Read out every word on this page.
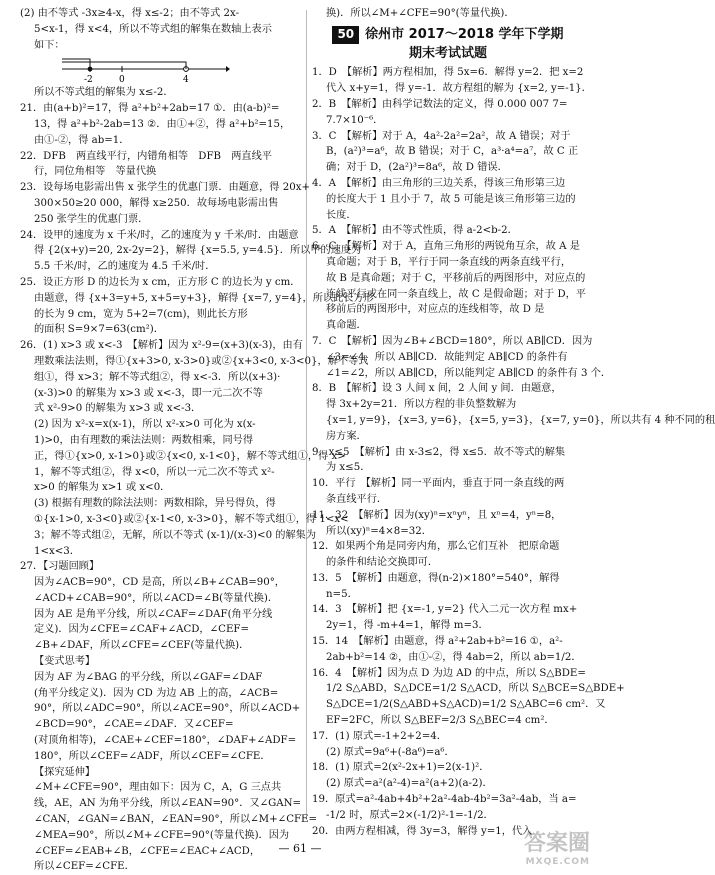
(2) 由不等式 -3x≥4-x，得 x≤-2；由不等式 2x-
5<x-1，得 x<4，所以不等式组的解集在数轴上表示
如下：
-2	0	4
所以不等式组的解集为 x≤-2．
21．由(a+b)²=17，得 a²+b²+2ab=17 ①．由(a-b)²=
13，得 a²+b²-2ab=13 ②．由①+②，得 a²+b²=15，
由①-②，得 ab=1．
22．DFB　两直线平行，内错角相等　DFB　两直线平
行，同位角相等　等量代换
23．设每场电影需出售 x 张学生的优惠门票．由题意，得 20x+
300×50≥20 000，解得 x≥250．故每场电影需出售
250 张学生的优惠门票．
24．设甲的速度为 x 千米/时，乙的速度为 y 千米/时．由题意
得 {2(x+y)=20, 2x-2y=2}，解得 {x=5.5, y=4.5}．所以甲的速度为
5.5 千米/时，乙的速度为 4.5 千米/时．
25．设正方形 D 的边长为 x cm，正方形 C 的边长为 y cm．
由题意，得 {x+3=y+5, x+5=y+3}，解得 {x=7, y=4}，所以此长方形
的长为 9 cm，宽为 5+2=7(cm)，则此长方形
的面积 S=9×7=63(cm²)．
26．(1) x>3 或 x<-3　【解析】因为 x²-9=(x+3)(x-3)，由有
理数乘法法则，得①{x+3>0, x-3>0}或②{x+3<0, x-3<0}，解不等式
组①，得 x>3；解不等式组②，得 x<-3．所以(x+3)·
(x-3)>0 的解集为 x>3 或 x<-3，即一元二次不等
式 x²-9>0 的解集为 x>3 或 x<-3．
(2) 因为 x²-x=x(x-1)，所以 x²-x>0 可化为 x(x-
1)>0，由有理数的乘法法则：两数相乘，同号得
正，得①{x>0, x-1>0}或②{x<0, x-1<0}，解不等式组①，得 x>
1，解不等式组②，得 x<0，所以一元二次不等式 x²-
x>0 的解集为 x>1 或 x<0．
(3) 根据有理数的除法法则：两数相除，异号得负，得
①{x-1>0, x-3<0}或②{x-1<0, x-3>0}，解不等式组①，得 1<x<
3；解不等式组②，无解，所以不等式 (x-1)/(x-3)<0 的解集为
1<x<3．
27．【习题回顾】
因为∠ACB=90°，CD 是高，所以∠B+∠CAB=90°，
∠ACD+∠CAB=90°，所以∠ACD=∠B(等量代换)．
因为 AE 是角平分线，所以∠CAF=∠DAF(角平分线
定义)．因为∠CFE=∠CAF+∠ACD，∠CEF=
∠B+∠DAF，所以∠CFE=∠CEF(等量代换)．
【变式思考】
因为 AF 为∠BAG 的平分线，所以∠GAF=∠DAF
(角平分线定义)．因为 CD 为边 AB 上的高，∠ACB=
90°，所以∠ADC=90°，所以∠ACE=90°，所以∠ACD+
∠BCD=90°，∠CAE=∠DAF．又∠CEF=
(对顶角相等)，∠CAE+∠CEF=180°，∠DAF+∠ADF=
180°，所以∠CEF=∠ADF，所以∠CEF=∠CFE．
【探究延伸】
∠M+∠CFE=90°，理由如下：因为 C，A，G 三点共
线，AE，AN 为角平分线，所以∠EAN=90°．又∠GAN=
∠CAN，∠GAN=∠BAN，∠EAN=90°，所以∠M+∠CFE=
∠MEA=90°，所以∠M+∠CFE=90°(等量代换)．因为
∠CEF=∠EAB+∠B，∠CFE=∠EAC+∠ACD，
所以∠CEF=∠CFE．
换)．所以∠M+∠CFE=90°(等量代换)．
50 徐州市 2017～2018 学年下学期
期末考试试题
1．D　【解析】两方程相加，得 5x=6．解得 y=2．把 x=2
代入 x+y=1，得 y=-1．故方程组的解为 {x=2, y=-1}．
2．B　【解析】由科学记数法的定义，得 0.000 007 7=
7.7×10⁻⁶．
3．C　【解析】对于 A，4a²-2a²=2a²，故 A 错误；对于
B，(a²)³=a⁶，故 B 错误；对于 C，a³·a⁴=a⁷，故 C 正
确；对于 D，(2a²)³=8a⁶，故 D 错误．
4．A　【解析】由三角形的三边关系，得该三角形第三边
的长度大于 1 且小于 7，故 5 可能是该三角形第三边的
长度．
5．A　【解析】由不等式性质，得 a-2<b-2．
6．C　【解析】对于 A，直角三角形的两锐角互余，故 A 是
真命题；对于 B，平行于同一条直线的两条直线平行，
故 B 是真命题；对于 C，平移前后的两图形中，对应点的
连线平行或在同一条直线上，故 C 是假命题；对于 D，平
移前后的两图形中，对应点的连线相等，故 D 是
真命题．
7．C　【解析】因为∠B+∠BCD=180°，所以 AB∥CD．因为
∠3=∠4，所以 AB∥CD．故能判定 AB∥CD 的条件有
∠1=∠2，所以 AB∥CD，所以能判定 AB∥CD 的条件有 3 个．
8．B　【解析】设 3 人间 x 间，2 人间 y 间．由题意，
得 3x+2y=21．所以方程的非负整数解为
{x=1, y=9}，{x=3, y=6}，{x=5, y=3}，{x=7, y=0}，所以共有 4 种不同的租
房方案．
9．x≤5　【解析】由 x-3≤2，得 x≤5．故不等式的解集
为 x≤5．
10．平行　【解析】同一平面内，垂直于同一条直线的两
条直线平行．
11．32　【解析】因为(xy)ⁿ=xⁿyⁿ，且 xⁿ=4，yⁿ=8，
所以(xy)ⁿ=4×8=32．
12．如果两个角是同旁内角，那么它们互补　把原命题
的条件和结论交换即可．
13．5　【解析】由题意，得(n-2)×180°=540°，解得
n=5．
14．3　【解析】把 {x=-1, y=2} 代入二元一次方程 mx+
2y=1，得 -m+4=1，解得 m=3．
15．14　【解析】由题意，得 a²+2ab+b²=16 ①，a²-
2ab+b²=14 ②，由①-②，得 4ab=2，所以 ab=1/2．
16．4　【解析】因为点 D 为边 AD 的中点，所以 S△BDE=
1/2 S△ABD，S△DCE=1/2 S△ACD，所以 S△BCE=S△BDE+
S△DCE=1/2(S△ABD+S△ACD)=1/2 S△ABC=6 cm²．又
EF=2FC，所以 S△BEF=2/3 S△BEC=4 cm²．
17．(1) 原式=-1+2+2=4．
(2) 原式=9a⁶+(-8a⁶)=a⁶．
18．(1) 原式=2(x²-2x+1)=2(x-1)²．
(2) 原式=a²(a²-4)=a²(a+2)(a-2)．
19．原式=a²-4ab+4b²+2a²-4ab-4b²=3a²-4ab，当 a=
-1/2 时，原式=2×(-1/2)²-1=-1/2．
20．由两方程相减，得 3y=3，解得 y=1，代入
— 61 —	答案圈
MXQE.COM
